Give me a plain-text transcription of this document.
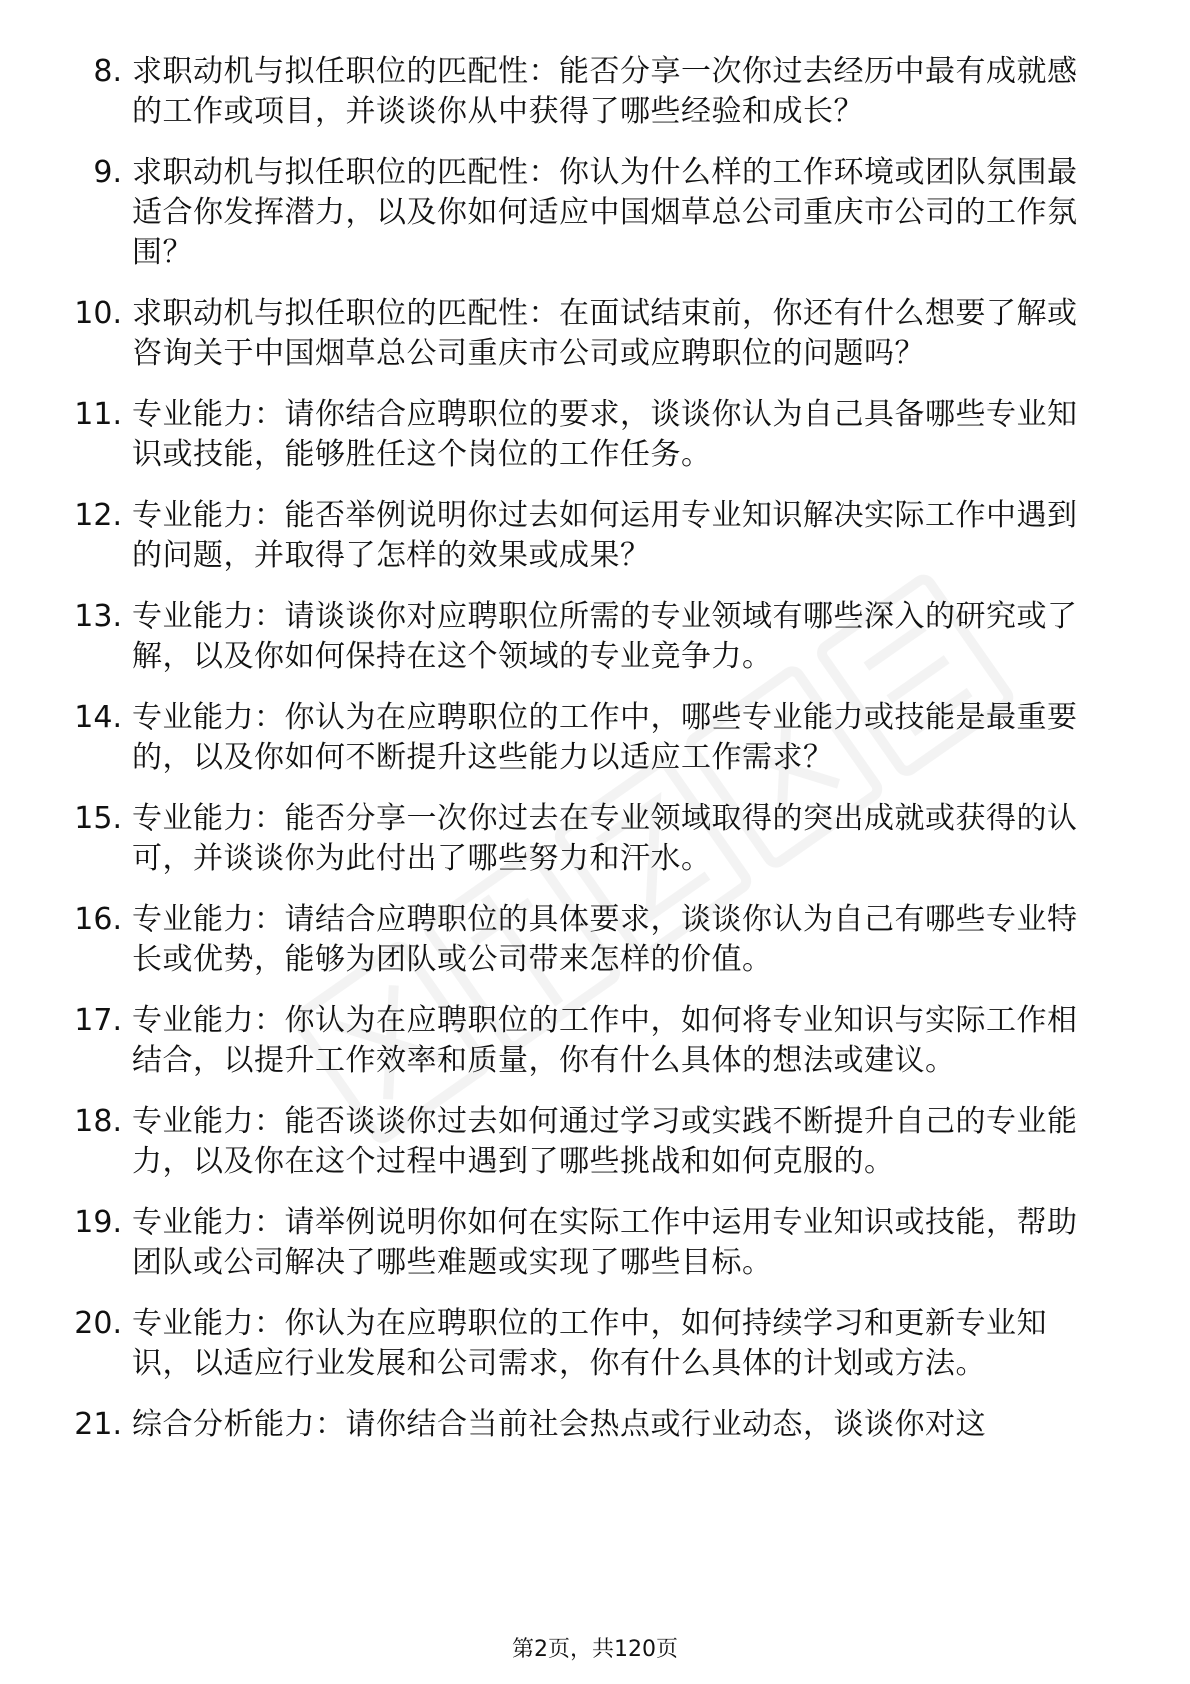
8. 求职动机与拟任职位的匹配性：能否分享一次你过去经历中最有成就感的工作或项目，并谈谈你从中获得了哪些经验和成长？
9. 求职动机与拟任职位的匹配性：你认为什么样的工作环境或团队氛围最适合你发挥潜力，以及你如何适应中国烟草总公司重庆市公司的工作氛围？
10. 求职动机与拟任职位的匹配性：在面试结束前，你还有什么想要了解或咨询关于中国烟草总公司重庆市公司或应聘职位的问题吗？
11. 专业能力：请你结合应聘职位的要求，谈谈你认为自己具备哪些专业知识或技能，能够胜任这个岗位的工作任务。
12. 专业能力：能否举例说明你过去如何运用专业知识解决实际工作中遇到的问题，并取得了怎样的效果或成果？
13. 专业能力：请谈谈你对应聘职位所需的专业领域有哪些深入的研究或了解，以及你如何保持在这个领域的专业竞争力。
14. 专业能力：你认为在应聘职位的工作中，哪些专业能力或技能是最重要的，以及你如何不断提升这些能力以适应工作需求？
15. 专业能力：能否分享一次你过去在专业领域取得的突出成就或获得的认可，并谈谈你为此付出了哪些努力和汗水。
16. 专业能力：请结合应聘职位的具体要求，谈谈你认为自己有哪些专业特长或优势，能够为团队或公司带来怎样的价值。
17. 专业能力：你认为在应聘职位的工作中，如何将专业知识与实际工作相结合，以提升工作效率和质量，你有什么具体的想法或建议。
18. 专业能力：能否谈谈你过去如何通过学习或实践不断提升自己的专业能力，以及你在这个过程中遇到了哪些挑战和如何克服的。
19. 专业能力：请举例说明你如何在实际工作中运用专业知识或技能，帮助团队或公司解决了哪些难题或实现了哪些目标。
20. 专业能力：你认为在应聘职位的工作中，如何持续学习和更新专业知识，以适应行业发展和公司需求，你有什么具体的计划或方法。
21. 综合分析能力：请你结合当前社会热点或行业动态，谈谈你对这
第2页，共120页
